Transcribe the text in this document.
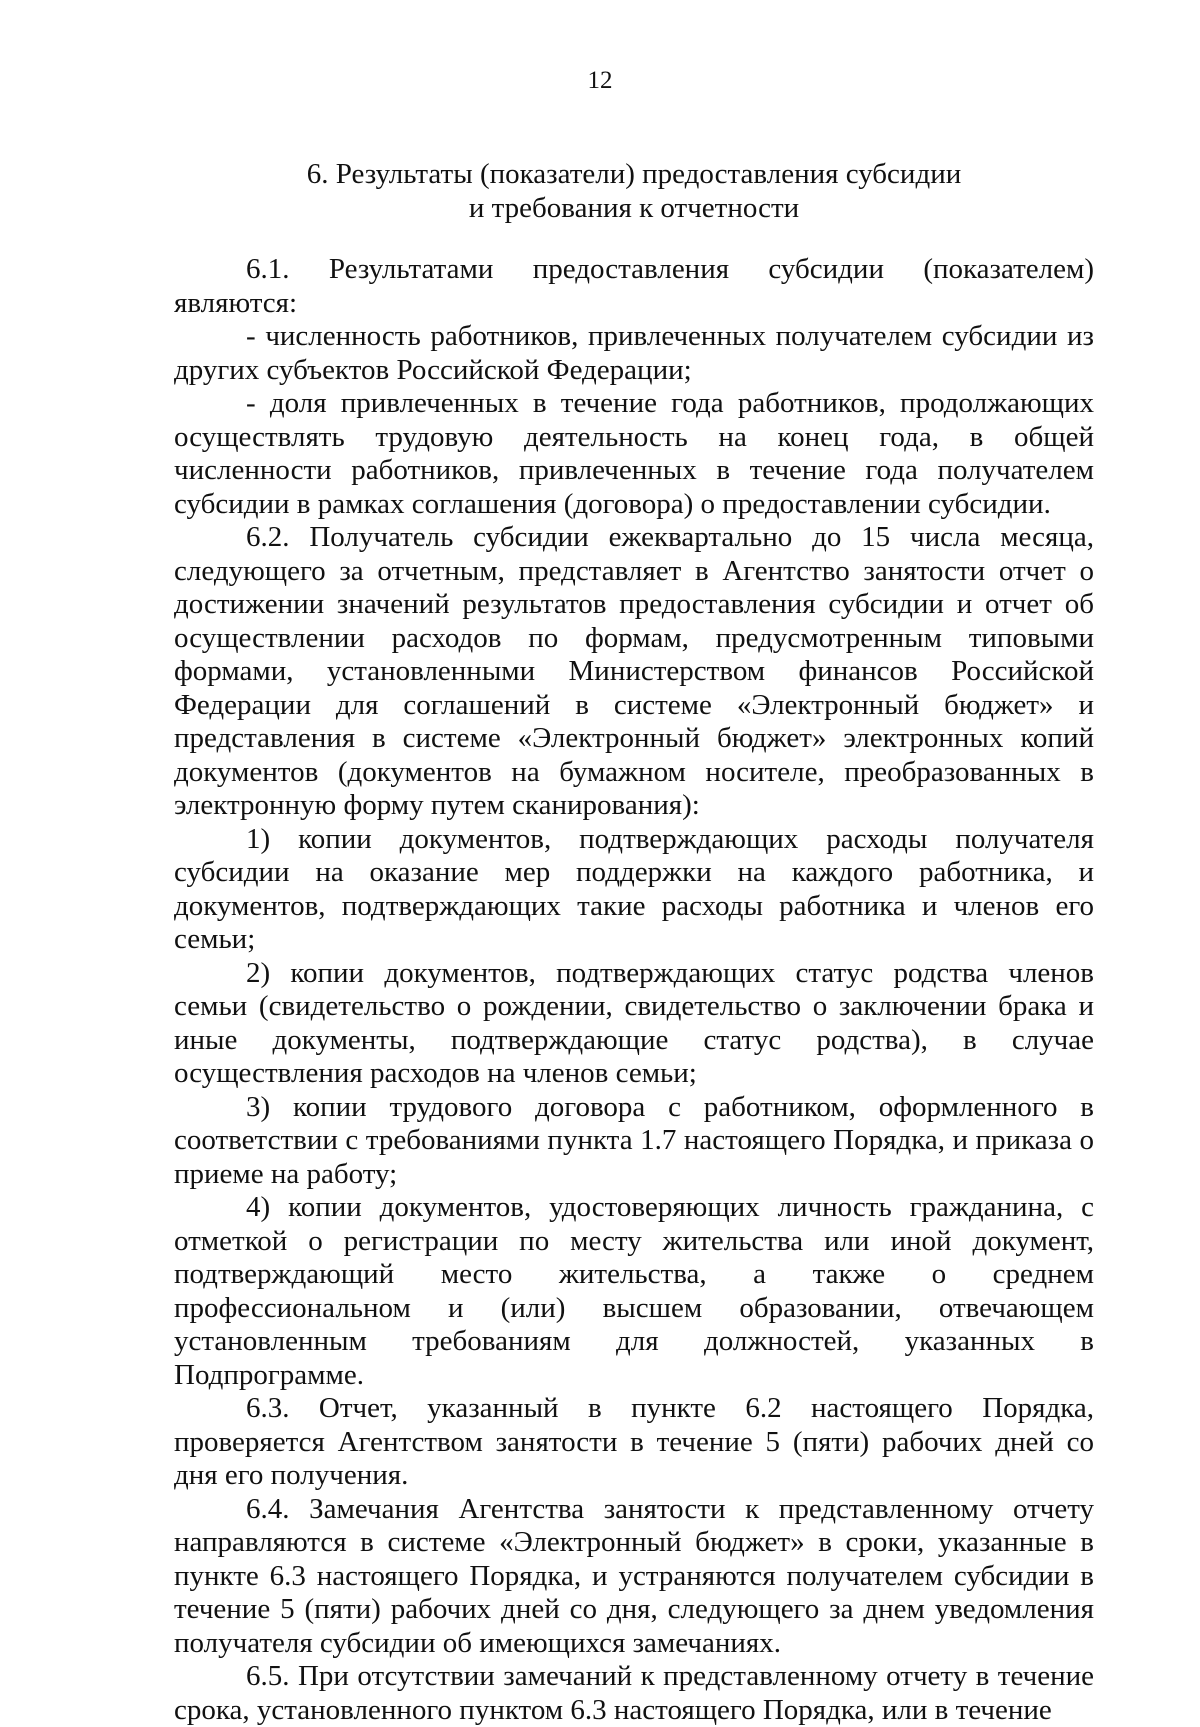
12
6. Результаты (показатели) предоставления субсидии
и требования к отчетности

6.1. Результатами предоставления субсидии (показателем) являются:

- численность работников, привлеченных получателем субсидии из других субъектов Российской Федерации;

- доля привлеченных в течение года работников, продолжающих осуществлять трудовую деятельность на конец года, в общей численности работников, привлеченных в течение года получателем субсидии в рамках соглашения (договора) о предоставлении субсидии.

6.2. Получатель субсидии ежеквартально до 15 числа месяца, следующего за отчетным, представляет в Агентство занятости отчет о достижении значений результатов предоставления субсидии и отчет об осуществлении расходов по формам, предусмотренным типовыми формами, установленными Министерством финансов Российской Федерации для соглашений в системе «Электронный бюджет» и представления в системе «Электронный бюджет» электронных копий документов (документов на бумажном носителе, преобразованных в электронную форму путем сканирования):

1) копии документов, подтверждающих расходы получателя субсидии на оказание мер поддержки на каждого работника, и документов, подтверждающих такие расходы работника и членов его семьи;

2) копии документов, подтверждающих статус родства членов семьи (свидетельство о рождении, свидетельство о заключении брака и иные документы, подтверждающие статус родства), в случае осуществления расходов на членов семьи;

3) копии трудового договора с работником, оформленного в соответствии с требованиями пункта 1.7 настоящего Порядка, и приказа о приеме на работу;

4) копии документов, удостоверяющих личность гражданина, с отметкой о регистрации по месту жительства или иной документ, подтверждающий место жительства, а также о среднем профессиональном и (или) высшем образовании, отвечающем установленным требованиям для должностей, указанных в Подпрограмме.

6.3. Отчет, указанный в пункте 6.2 настоящего Порядка, проверяется Агентством занятости в течение 5 (пяти) рабочих дней со дня его получения.

6.4. Замечания Агентства занятости к представленному отчету направляются в системе «Электронный бюджет» в сроки, указанные в пункте 6.3 настоящего Порядка, и устраняются получателем субсидии в течение 5 (пяти) рабочих дней со дня, следующего за днем уведомления получателя субсидии об имеющихся замечаниях.

6.5. При отсутствии замечаний к представленному отчету в течение срока, установленного пунктом 6.3 настоящего Порядка, или в течение
